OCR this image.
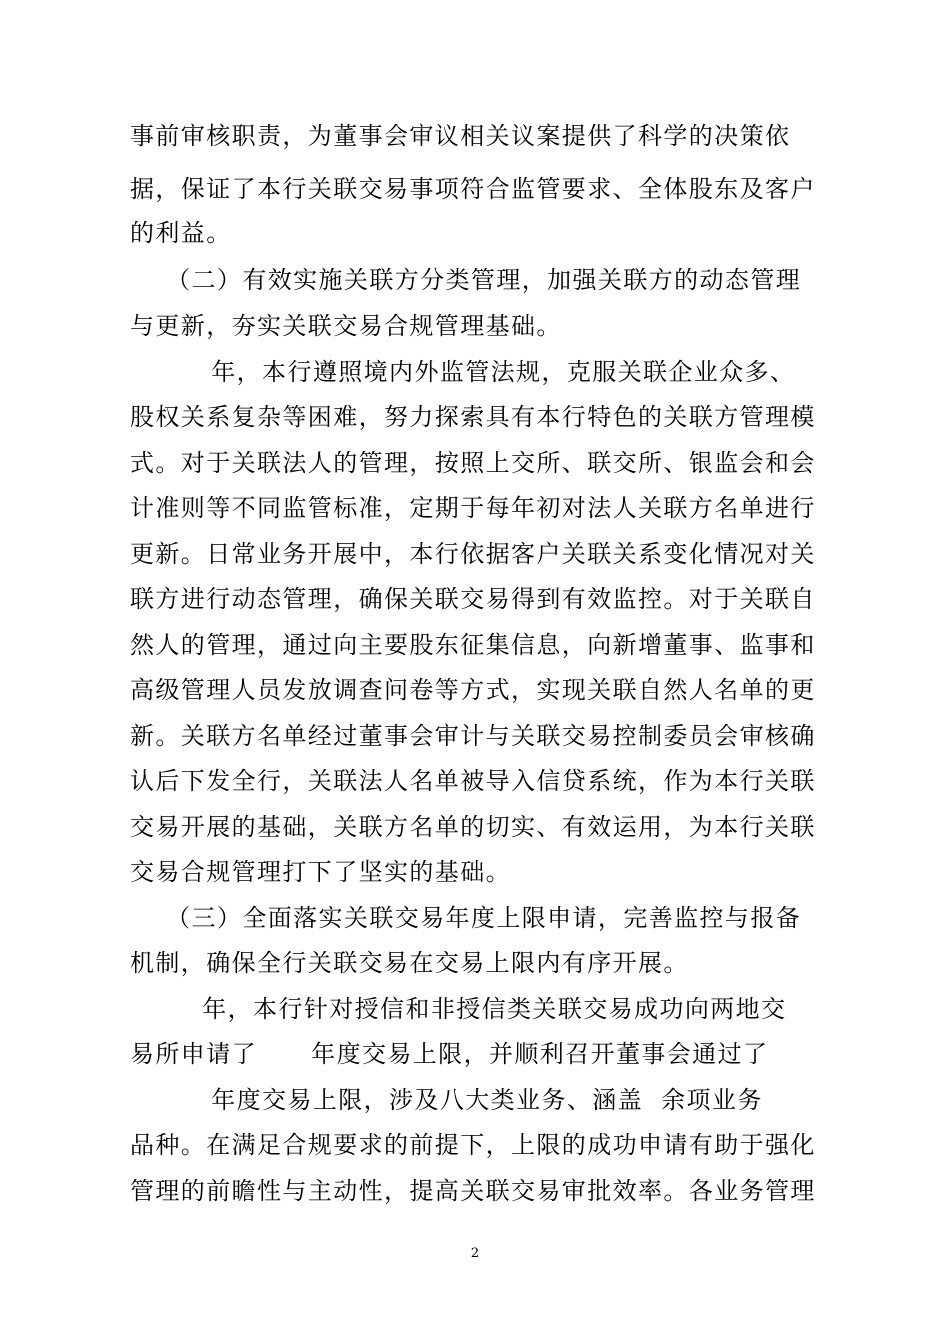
事前审核职责，为董事会审议相关议案提供了科学的决策依
据，保证了本行关联交易事项符合监管要求、全体股东及客户
的利益。
（二）有效实施关联方分类管理，加强关联方的动态管理
与更新，夯实关联交易合规管理基础。
年，本行遵照境内外监管法规，克服关联企业众多、
股权关系复杂等困难，努力探索具有本行特色的关联方管理模
式。对于关联法人的管理，按照上交所、联交所、银监会和会
计准则等不同监管标准，定期于每年初对法人关联方名单进行
更新。日常业务开展中，本行依据客户关联关系变化情况对关
联方进行动态管理，确保关联交易得到有效监控。对于关联自
然人的管理，通过向主要股东征集信息，向新增董事、监事和
高级管理人员发放调查问卷等方式，实现关联自然人名单的更
新。关联方名单经过董事会审计与关联交易控制委员会审核确
认后下发全行，关联法人名单被导入信贷系统，作为本行关联
交易开展的基础，关联方名单的切实、有效运用，为本行关联
交易合规管理打下了坚实的基础。
（三）全面落实关联交易年度上限申请，完善监控与报备
机制，确保全行关联交易在交易上限内有序开展。
年，本行针对授信和非授信类关联交易成功向两地交
易所申请了      年度交易上限，并顺利召开董事会通过了
年度交易上限，涉及八大类业务、涵盖  余项业务
品种。在满足合规要求的前提下，上限的成功申请有助于强化
管理的前瞻性与主动性，提高关联交易审批效率。各业务管理
2
